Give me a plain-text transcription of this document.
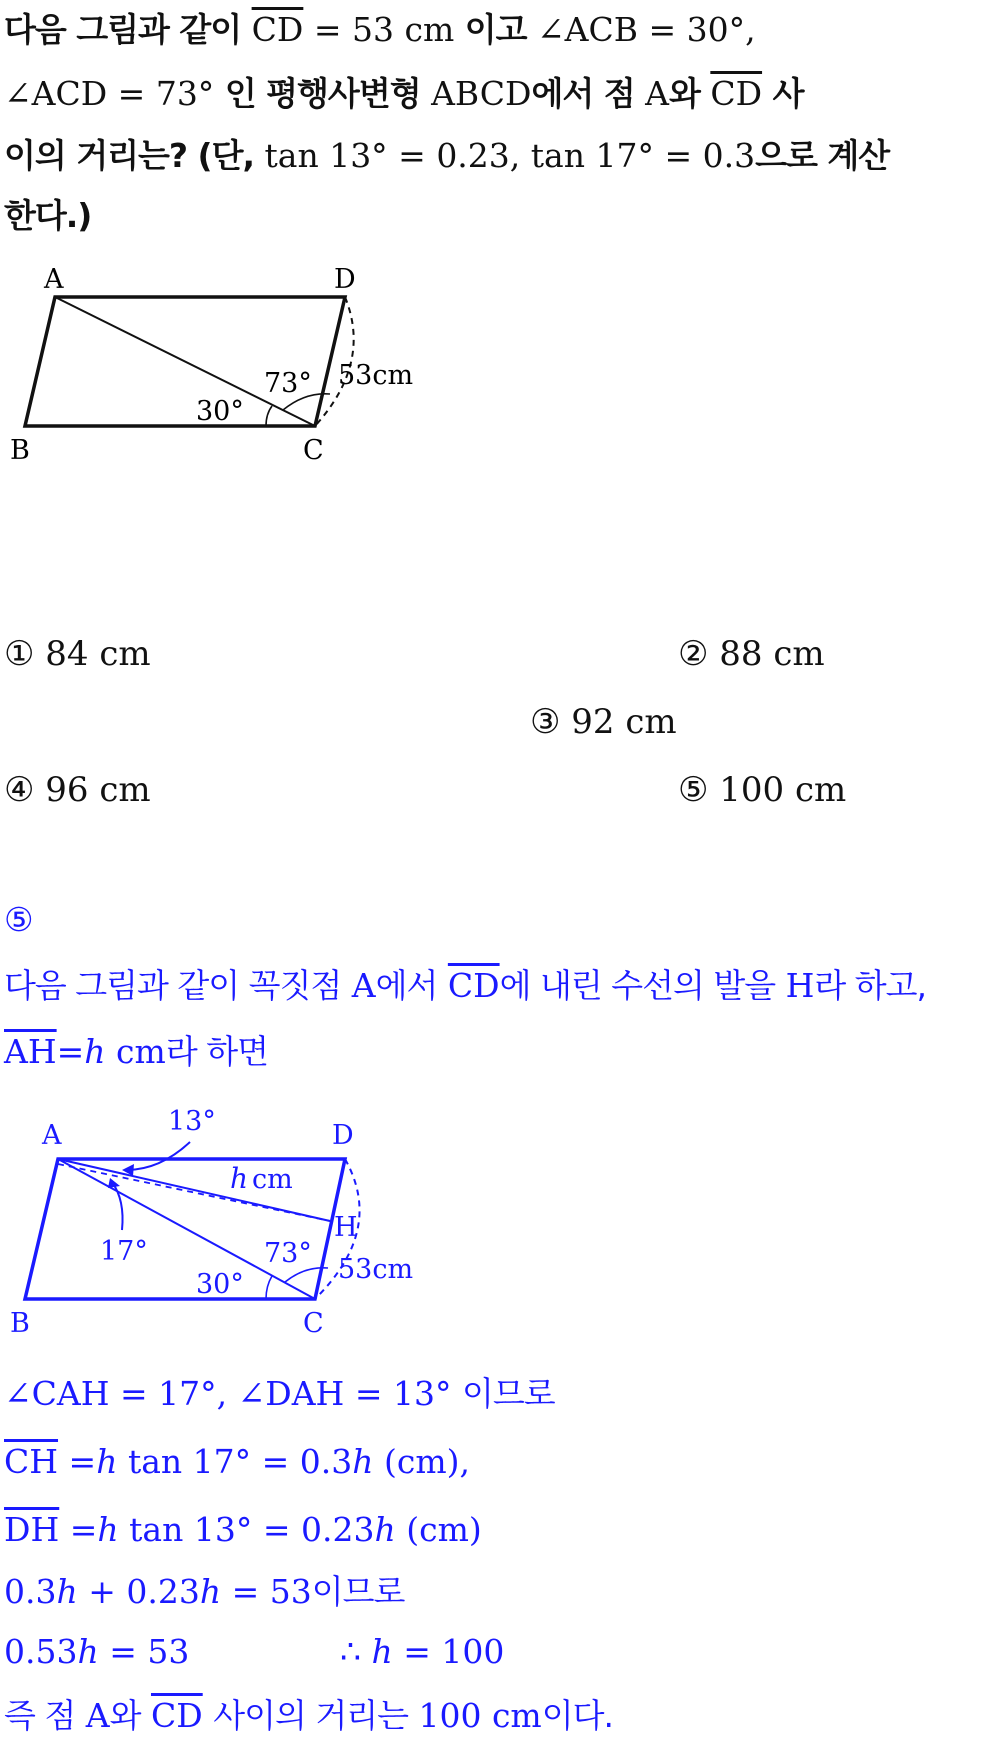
다음 그림과 같이 $\overline{CD} = 53$ cm 이고 ∠ACB = 30°,
∠ACD = 73° 인 평행사변형 ABCD에서 점 A와 $\overline{CD}$ 사
이의 거리는? (단, tan 13° = 0.23, tan 17° = 0.3으로 계산
한다.)
A	D
B	C
30°
73° 53cm
① 84 cm	② 88 cm
③ 92 cm
④ 96 cm	⑤ 100 cm
⑤
다음 그림과 같이 꼭짓점 A에서 $\overline{CD}$에 내린 수선의 발을 H라 하고,
$\overline{AH}=h$ cm라 하면
A	D
B	C
H
13°
17°
30°
73°
h cm
53cm
∠CAH = 17°, ∠DAH = 13° 이므로
$\overline{CH} =h$ tan 17° = 0.3h (cm),
$\overline{DH} =h$ tan 13° = 0.23h (cm)
0.3h + 0.23h = 53이므로
0.53h = 53	∴ h = 100
즉 점 A와 $\overline{CD}$ 사이의 거리는 100 cm이다.
